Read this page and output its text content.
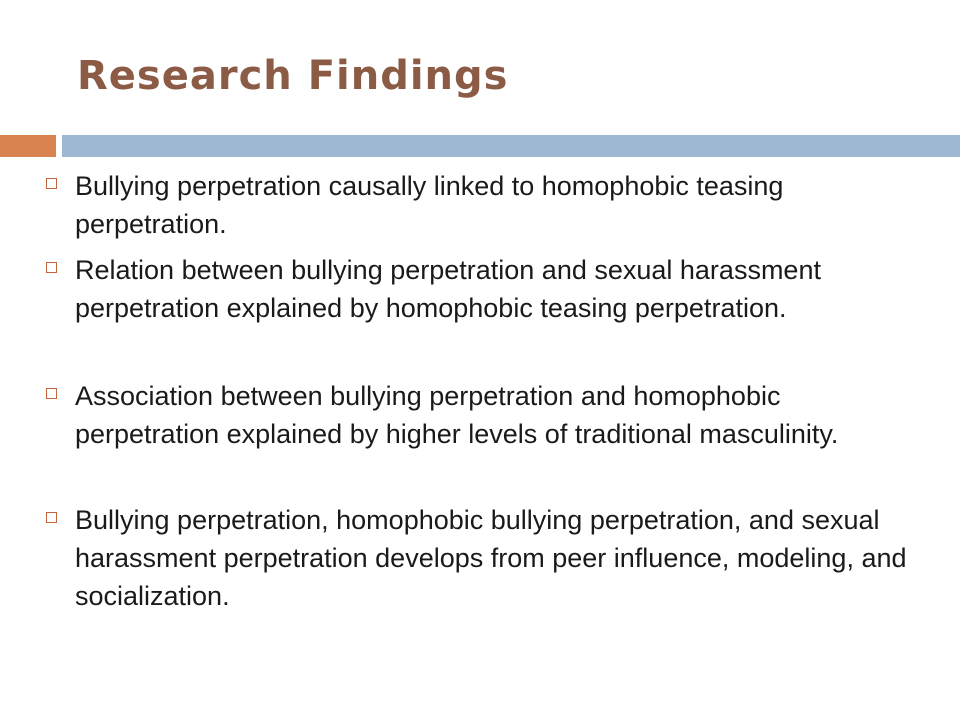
Research Findings
Bullying perpetration causally linked to homophobic teasing perpetration.
Relation between bullying perpetration and sexual harassment perpetration explained by homophobic teasing perpetration.
Association between bullying perpetration and homophobic perpetration explained by higher levels of traditional masculinity.
Bullying perpetration, homophobic bullying perpetration, and sexual harassment perpetration develops from peer influence, modeling, and socialization.
